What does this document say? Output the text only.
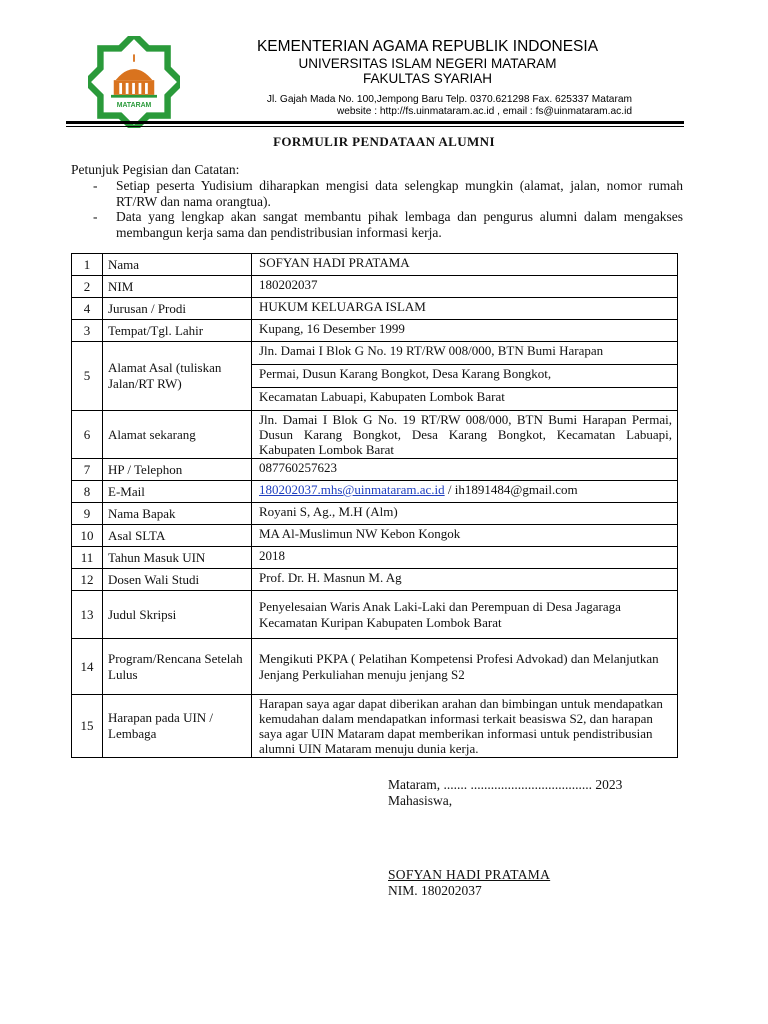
MATARAM
KEMENTERIAN AGAMA REPUBLIK INDONESIA
UNIVERSITAS ISLAM NEGERI MATARAM
FAKULTAS SYARIAH
Jl. Gajah Mada No. 100,Jempong Baru Telp. 0370.621298 Fax. 625337 Mataram
website : http://fs.uinmataram.ac.id , email : fs@uinmataram.ac.id
FORMULIR PENDATAAN ALUMNI
Petunjuk Pegisian dan Catatan:
- Setiap peserta Yudisium diharapkan mengisi data selengkap mungkin (alamat, jalan, nomor rumah RT/RW dan nama orangtua).
- Data yang lengkap akan sangat membantu pihak lembaga dan pengurus alumni dalam mengakses membangun kerja sama dan pendistribusian informasi kerja.
1	Nama	SOFYAN HADI PRATAMA
2	NIM	180202037
4	Jurusan / Prodi	HUKUM KELUARGA ISLAM
3	Tempat/Tgl. Lahir	Kupang, 16 Desember 1999
5	Alamat Asal (tuliskan Jalan/RT RW)	Jln. Damai I Blok G No. 19 RT/RW 008/000, BTN Bumi Harapan
Permai, Dusun Karang Bongkot, Desa Karang Bongkot,
Kecamatan Labuapi, Kabupaten Lombok Barat

6	Alamat sekarang	Jln. Damai I Blok G No. 19 RT/RW 008/000, BTN Bumi Harapan Permai, Dusun Karang Bongkot, Desa Karang Bongkot, Kecamatan Labuapi, Kabupaten Lombok Barat
7	HP / Telephon	087760257623
8	E-Mail	180202037.mhs@uinmataram.ac.id / ih1891484@gmail.com
9	Nama Bapak	Royani S, Ag., M.H (Alm)
10	Asal SLTA	MA Al-Muslimun NW Kebon Kongok
11	Tahun Masuk UIN	2018
12	Dosen Wali Studi	Prof. Dr. H. Masnun M. Ag
13	Judul Skripsi	Penyelesaian Waris Anak Laki-Laki dan Perempuan di Desa Jagaraga Kecamatan Kuripan Kabupaten Lombok Barat
14	Program/Rencana Setelah Lulus	Mengikuti PKPA ( Pelatihan Kompetensi Profesi Advokad) dan Melanjutkan Jenjang Perkuliahan menuju jenjang S2
15	Harapan pada UIN / Lembaga	Harapan saya agar dapat diberikan arahan dan bimbingan untuk mendapatkan kemudahan dalam mendapatkan informasi terkait beasiswa S2, dan harapan saya agar UIN Mataram dapat memberikan informasi untuk pendistribusian alumni UIN Mataram menuju dunia kerja.
Mataram, ....... .................................... 2023
Mahasiswa,
SOFYAN HADI PRATAMA
NIM. 180202037
